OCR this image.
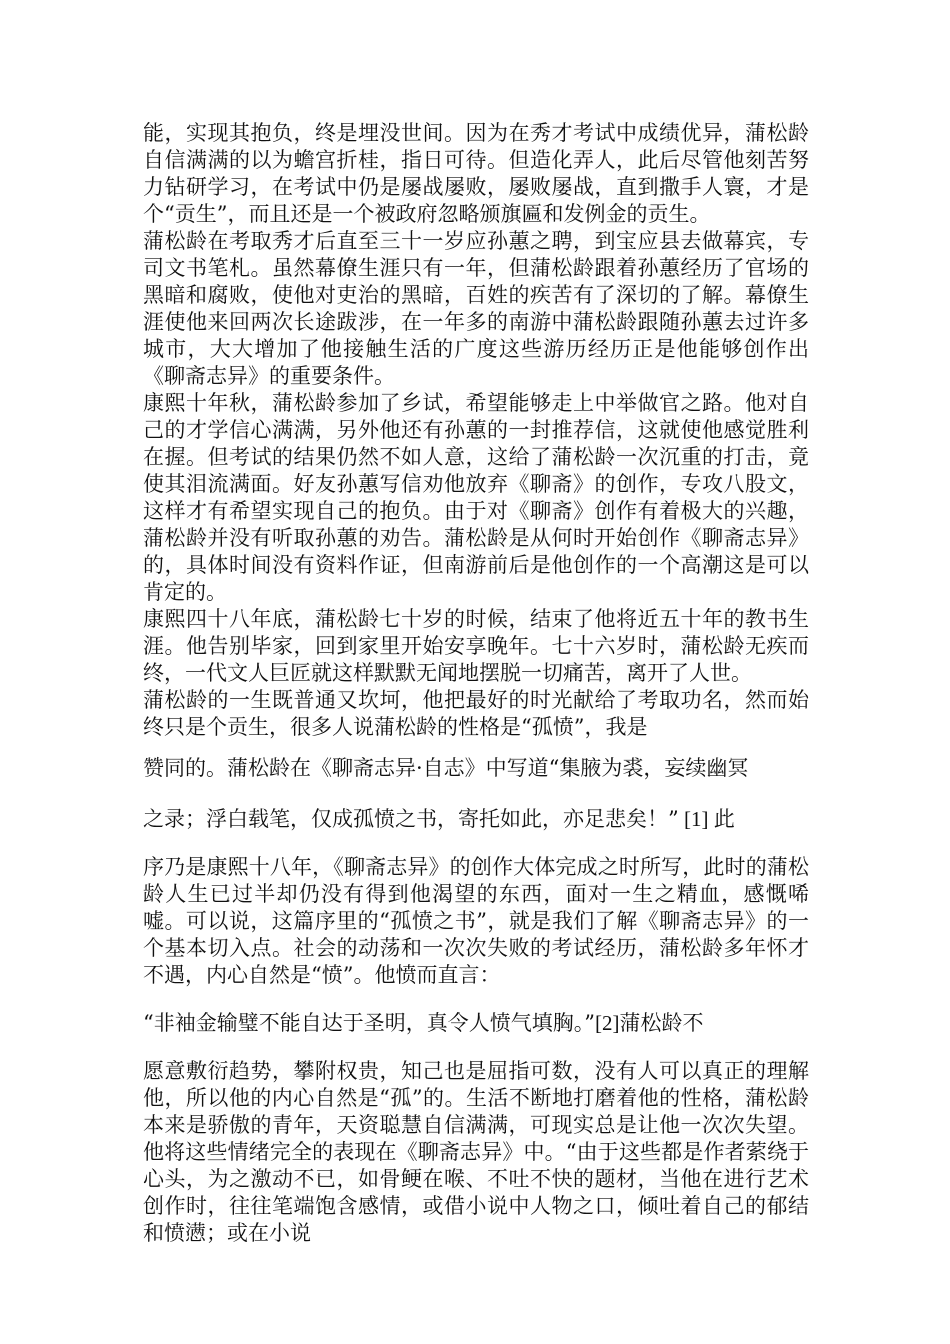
能，实现其抱负，终是埋没世间。因为在秀才考试中成绩优异，蒲松龄自信满满的以为蟾宫折桂，指日可待。但造化弄人，此后尽管他刻苦努力钻研学习，在考试中仍是屡战屡败，屡败屡战，直到撒手人寰，才是个“贡生”，而且还是一个被政府忽略颁旗匾和发例金的贡生。

蒲松龄在考取秀才后直至三十一岁应孙蕙之聘，到宝应县去做幕宾，专司文书笔札。虽然幕僚生涯只有一年，但蒲松龄跟着孙蕙经历了官场的黑暗和腐败，使他对吏治的黑暗，百姓的疾苦有了深切的了解。幕僚生涯使他来回两次长途跋涉，在一年多的南游中蒲松龄跟随孙蕙去过许多城市，大大增加了他接触生活的广度这些游历经历正是他能够创作出《聊斋志异》的重要条件。

康熙十年秋，蒲松龄参加了乡试，希望能够走上中举做官之路。他对自己的才学信心满满，另外他还有孙蕙的一封推荐信，这就使他感觉胜利在握。但考试的结果仍然不如人意，这给了蒲松龄一次沉重的打击，竟使其泪流满面。好友孙蕙写信劝他放弃《聊斋》的创作，专攻八股文，这样才有希望实现自己的抱负。由于对《聊斋》创作有着极大的兴趣，蒲松龄并没有听取孙蕙的劝告。蒲松龄是从何时开始创作《聊斋志异》的，具体时间没有资料作证，但南游前后是他创作的一个高潮这是可以肯定的。

康熙四十八年底，蒲松龄七十岁的时候，结束了他将近五十年的教书生涯。他告别毕家，回到家里开始安享晚年。七十六岁时，蒲松龄无疾而终，一代文人巨匠就这样默默无闻地摆脱一切痛苦，离开了人世。

蒲松龄的一生既普通又坎坷，他把最好的时光献给了考取功名，然而始终只是个贡生，很多人说蒲松龄的性格是“孤愤”，我是

赞同的。蒲松龄在《聊斋志异·自志》中写道“集腋为裘，妄续幽冥

之录；浮白载笔，仅成孤愤之书，寄托如此，亦足悲矣！” [1] 此

序乃是康熙十八年，《聊斋志异》的创作大体完成之时所写，此时的蒲松龄人生已过半却仍没有得到他渴望的东西，面对一生之精血，感慨唏嘘。可以说，这篇序里的“孤愤之书”，就是我们了解《聊斋志异》的一个基本切入点。社会的动荡和一次次失败的考试经历，蒲松龄多年怀才不遇，内心自然是“愤”。他愤而直言：

“非袖金输璧不能自达于圣明，真令人愤气填胸。”[2]蒲松龄不

愿意敷衍趋势，攀附权贵，知己也是屈指可数，没有人可以真正的理解他，所以他的内心自然是“孤”的。生活不断地打磨着他的性格，蒲松龄本来是骄傲的青年，天资聪慧自信满满，可现实总是让他一次次失望。他将这些情绪完全的表现在《聊斋志异》中。“由于这些都是作者萦绕于心头，为之激动不已，如骨鲠在喉、不吐不快的题材，当他在进行艺术创作时，往往笔端饱含感情，或借小说中人物之口，倾吐着自己的郁结和愤懑；或在小说
